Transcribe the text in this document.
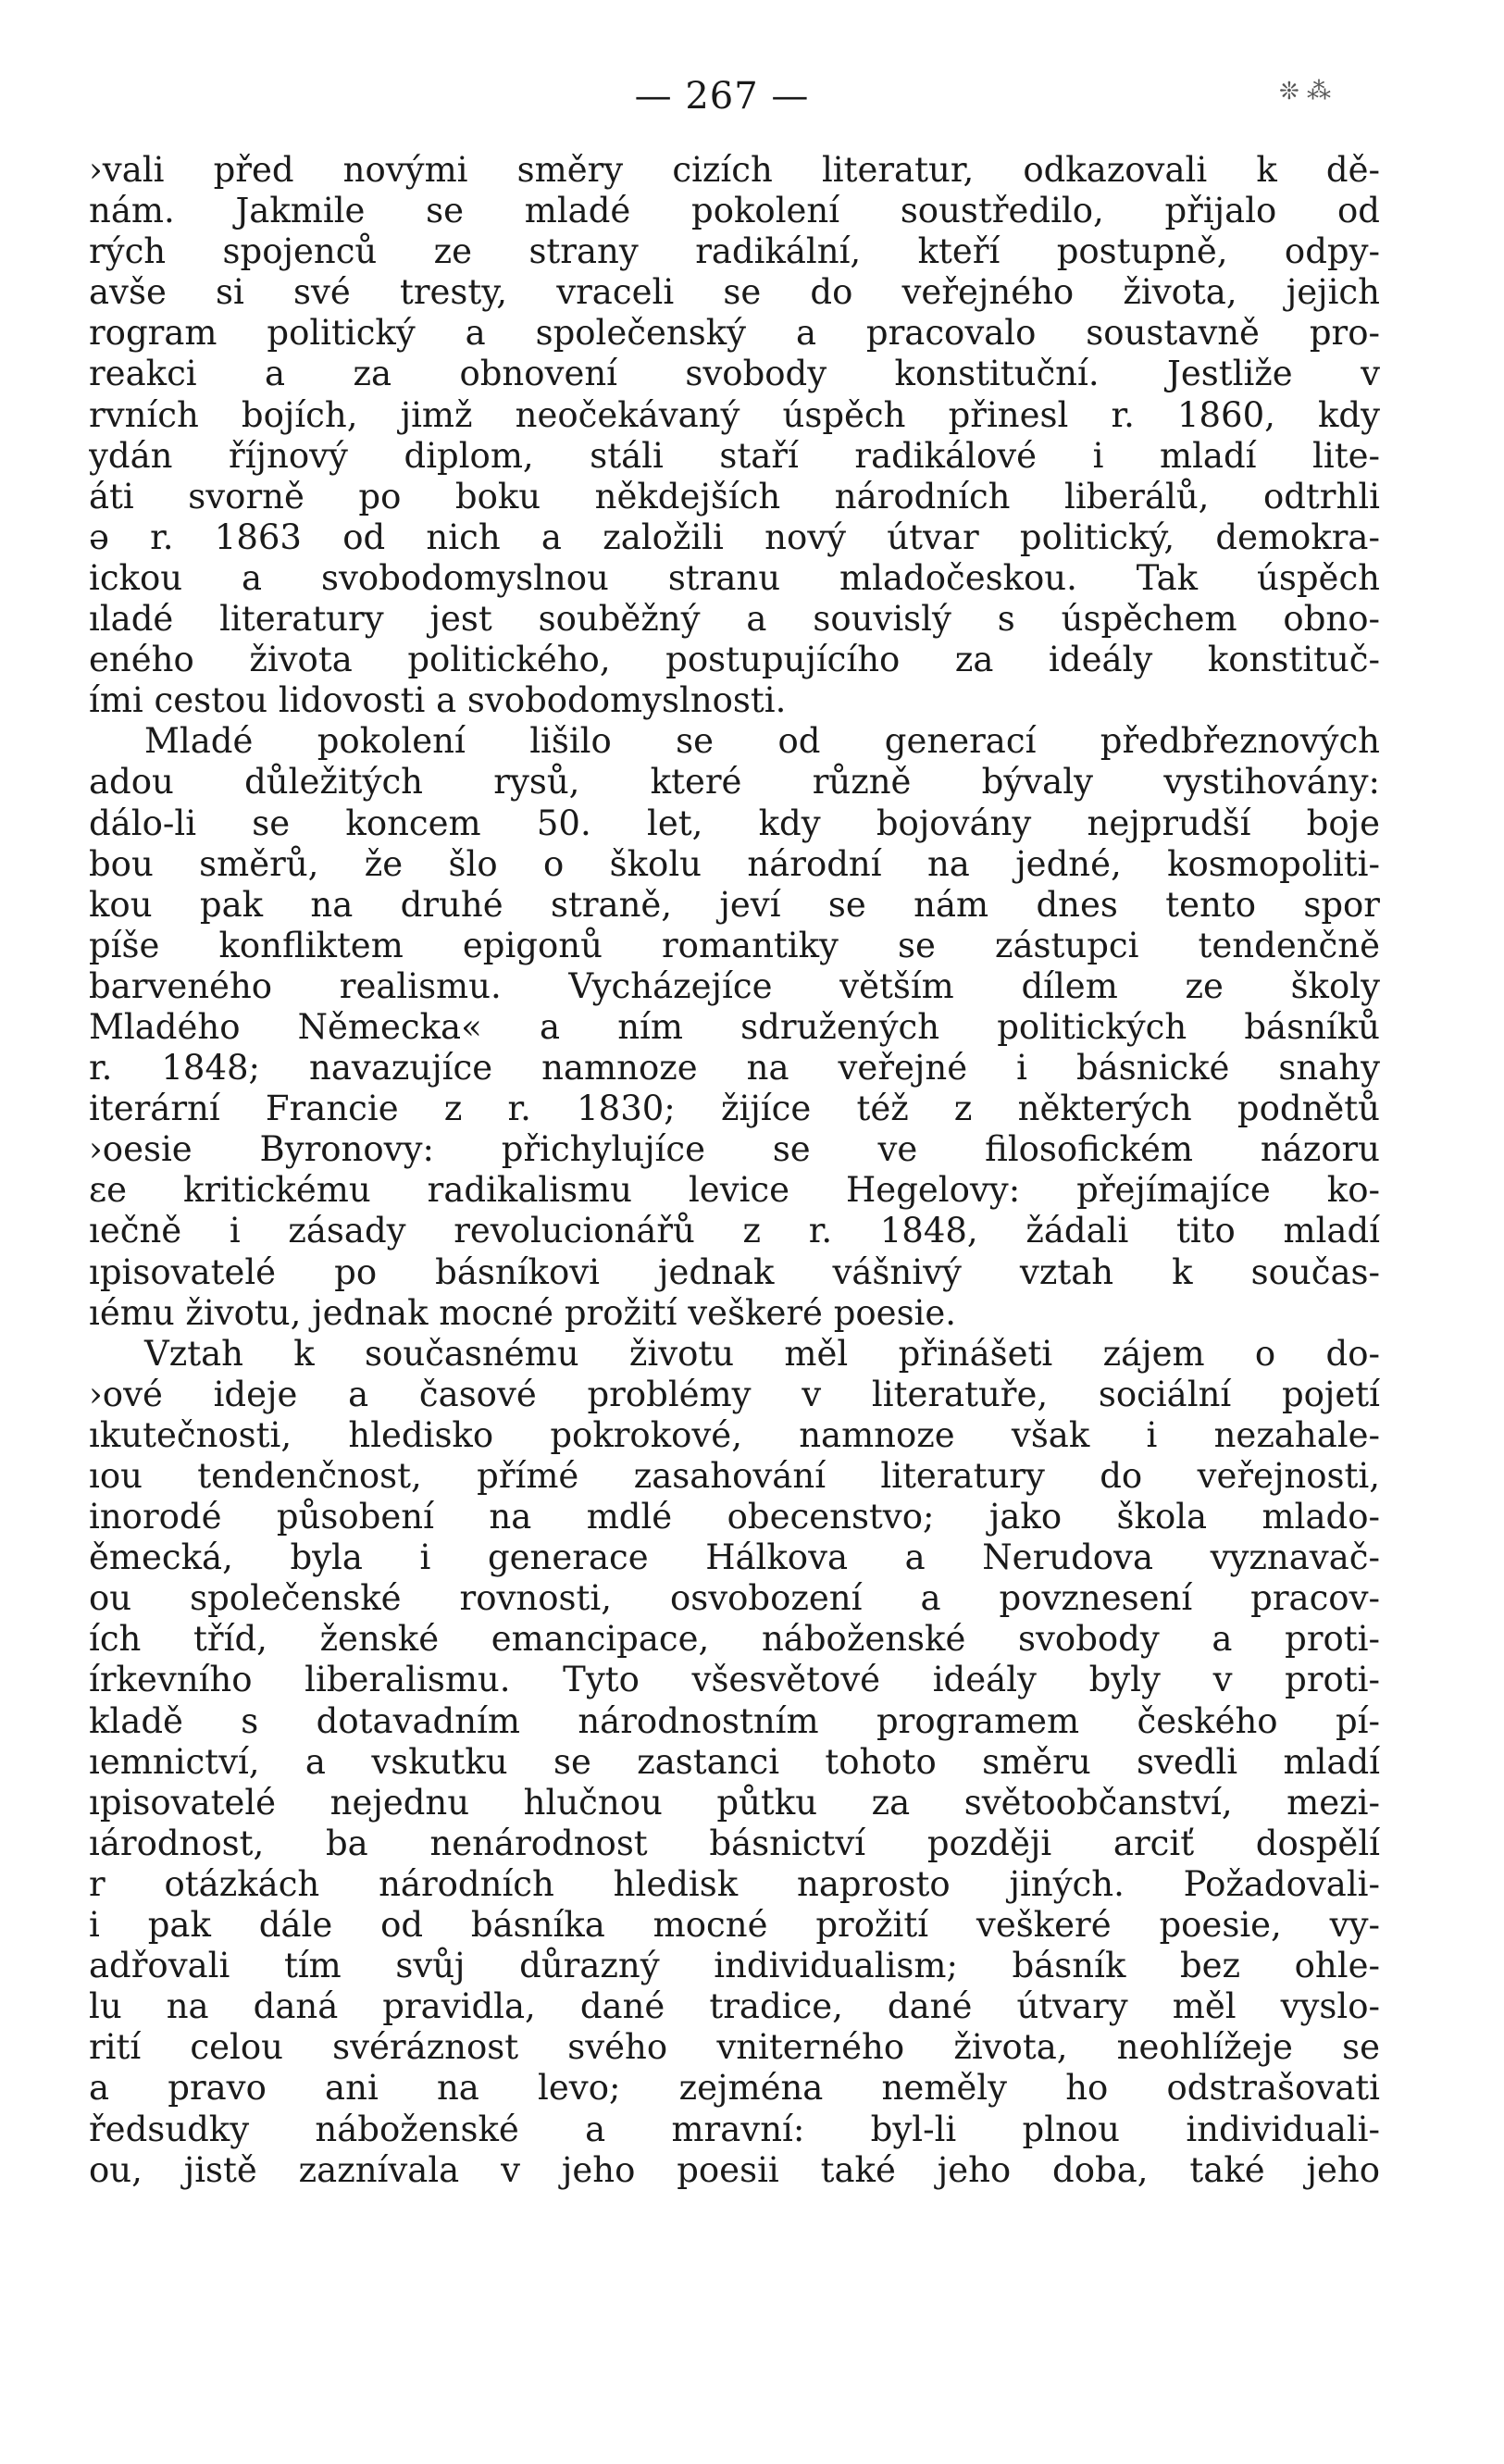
— 267 —	❊ ⁂
›vali před novými směry cizích literatur, odkazovali k dě-
nám. Jakmile se mladé pokolení soustředilo, přijalo od
rých spojenců ze strany radikální, kteří postupně, odpy-
avše si své tresty, vraceli se do veřejného života, jejich
rogram politický a společenský a pracovalo soustavně pro-
reakci a za obnovení svobody konstituční. Jestliže v
rvních bojích, jimž neočekávaný úspěch přinesl r. 1860, kdy
ydán říjnový diplom, stáli staří radikálové i mladí lite-
áti svorně po boku někdejších národních liberálů, odtrhli
ə r. 1863 od nich a založili nový útvar politický, demokra-
ickou a svobodomyslnou stranu mladočeskou. Tak úspěch
ıladé literatury jest souběžný a souvislý s úspěchem obno-
eného života politického, postupujícího za ideály konstituč-
ími cestou lidovosti a svobodomyslnosti.
Mladé pokolení lišilo se od generací předbřeznových
adou důležitých rysů, které různě bývaly vystihovány:
dálo-li se koncem 50. let, kdy bojovány nejprudší boje
bou směrů, že šlo o školu národní na jedné, kosmopoliti-
kou pak na druhé straně, jeví se nám dnes tento spor
píše konfliktem epigonů romantiky se zástupci tendenčně
barveného realismu. Vycházejíce větším dílem ze školy
Mladého Německa« a ním sdružených politických básníků
r. 1848; navazujíce namnoze na veřejné i básnické snahy
iterární Francie z r. 1830; žijíce též z některých podnětů
›oesie Byronovy: přichylujíce se ve filosofickém názoru
ɛe kritickému radikalismu levice Hegelovy: přejímajíce ko-
ıečně i zásady revolucionářů z r. 1848, žádali tito mladí
ıpisovatelé po básníkovi jednak vášnivý vztah k součas-
ıému životu, jednak mocné prožití veškeré poesie.
Vztah k současnému životu měl přinášeti zájem o do-
›ové ideje a časové problémy v literatuře, sociální pojetí
ıkutečnosti, hledisko pokrokové, namnoze však i nezahale-
ıou tendenčnost, přímé zasahování literatury do veřejnosti,
inorodé působení na mdlé obecenstvo; jako škola mlado-
ěmecká, byla i generace Hálkova a Nerudova vyznavač-
ou společenské rovnosti, osvobození a povznesení pracov-
ích tříd, ženské emancipace, náboženské svobody a proti-
írkevního liberalismu. Tyto všesvětové ideály byly v proti-
kladě s dotavadním národnostním programem českého pí-
ıemnictví, a vskutku se zastanci tohoto směru svedli mladí
ıpisovatelé nejednu hlučnou půtku za světoobčanství, mezi-
ıárodnost, ba nenárodnost básnictví později arciť dospělí
r otázkách národních hledisk naprosto jiných. Požadovali-
i pak dále od básníka mocné prožití veškeré poesie, vy-
adřovali tím svůj důrazný individualism; básník bez ohle-
lu na daná pravidla, dané tradice, dané útvary měl vyslo-
rití celou svéráznost svého vniterného života, neohlížeje se
a pravo ani na levo; zejména neměly ho odstrašovati
ředsudky náboženské a mravní: byl-li plnou individuali-
ou, jistě zaznívala v jeho poesii také jeho doba, také jeho
